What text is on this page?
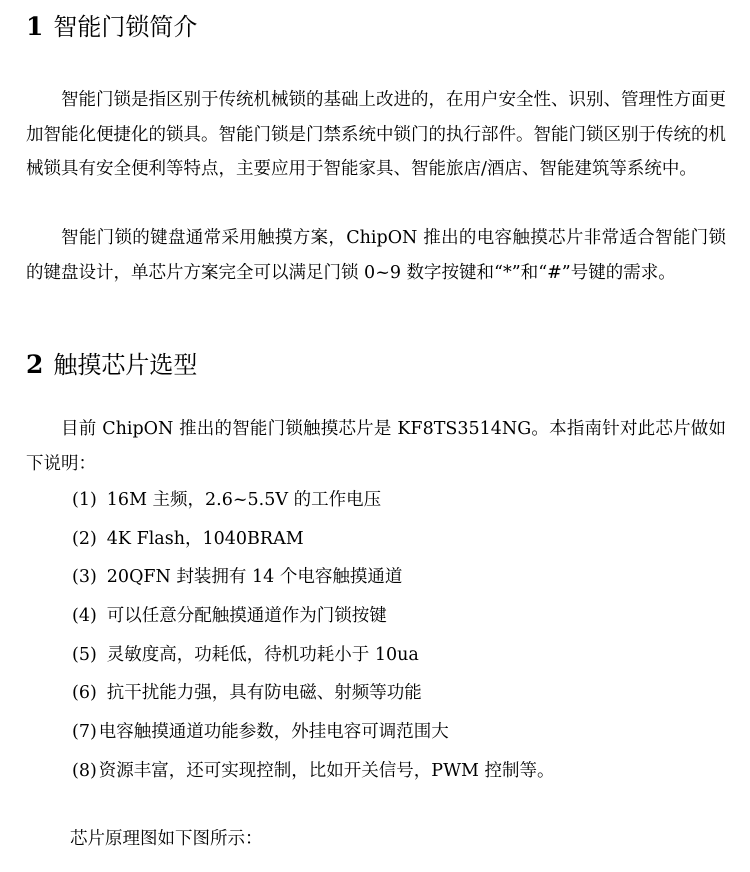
1 智能门锁简介

智能门锁是指区别于传统机械锁的基础上改进的，在用户安全性、识别、管理性方面更加智能化便捷化的锁具。智能门锁是门禁系统中锁门的执行部件。智能门锁区别于传统的机械锁具有安全便利等特点，主要应用于智能家具、智能旅店/酒店、智能建筑等系统中。

智能门锁的键盘通常采用触摸方案，ChipON 推出的电容触摸芯片非常适合智能门锁的键盘设计，单芯片方案完全可以满足门锁 0~9 数字按键和“*”和“#”号键的需求。

2 触摸芯片选型

目前 ChipON 推出的智能门锁触摸芯片是 KF8TS3514NG。本指南针对此芯片做如下说明：

(1) 16M 主频，2.6~5.5V 的工作电压
(2) 4K Flash，1040BRAM
(3) 20QFN 封装拥有 14 个电容触摸通道
(4) 可以任意分配触摸通道作为门锁按键
(5) 灵敏度高，功耗低，待机功耗小于 10ua
(6) 抗干扰能力强，具有防电磁、射频等功能
(7) 电容触摸通道功能参数，外挂电容可调范围大
(8) 资源丰富，还可实现控制，比如开关信号，PWM 控制等。

芯片原理图如下图所示：
